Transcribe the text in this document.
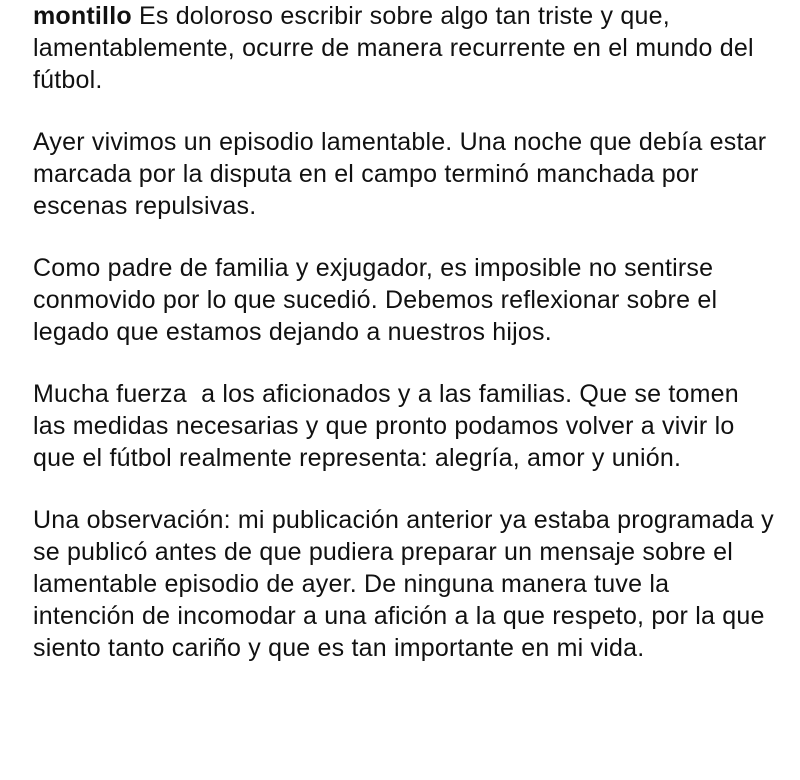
montillo Es doloroso escribir sobre algo tan triste y que, lamentablemente, ocurre de manera recurrente en el mundo del fútbol.

Ayer vivimos un episodio lamentable. Una noche que debía estar marcada por la disputa en el campo terminó manchada por escenas repulsivas.

Como padre de familia y exjugador, es imposible no sentirse conmovido por lo que sucedió. Debemos reflexionar sobre el legado que estamos dejando a nuestros hijos.

Mucha fuerza  a los aficionados y a las familias. Que se tomen las medidas necesarias y que pronto podamos volver a vivir lo que el fútbol realmente representa: alegría, amor y unión.

Una observación: mi publicación anterior ya estaba programada y se publicó antes de que pudiera preparar un mensaje sobre el lamentable episodio de ayer. De ninguna manera tuve la intención de incomodar a una afición a la que respeto, por la que siento tanto cariño y que es tan importante en mi vida.
